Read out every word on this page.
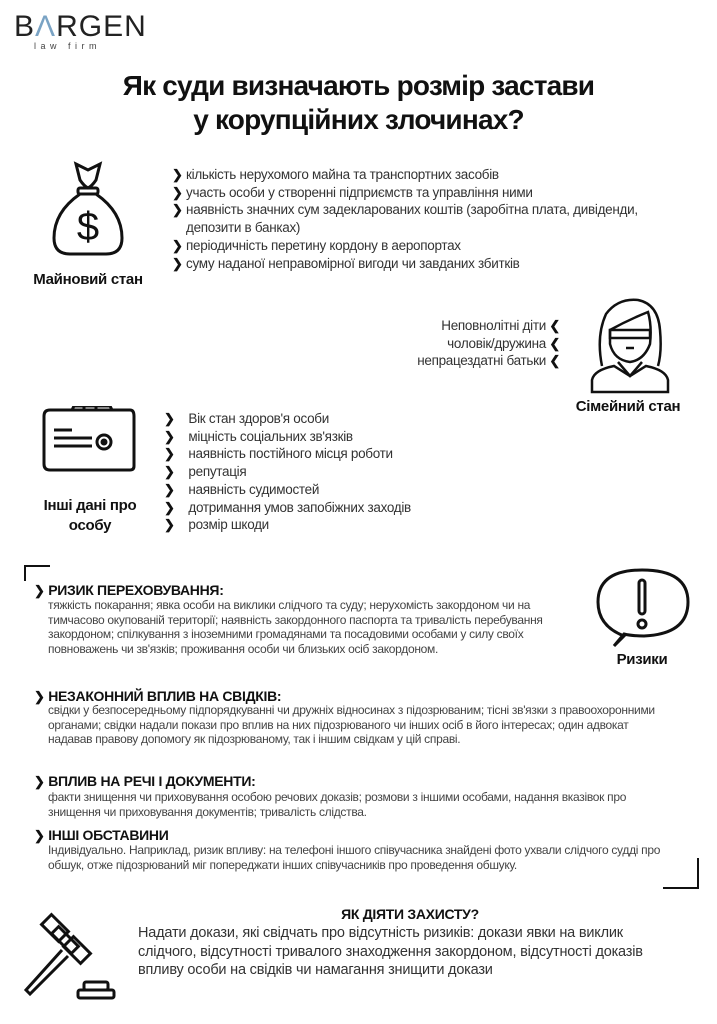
BΛRGEN
law firm
Як суди визначають розмір застави
у корупційних злочинах?
$
Майновий стан
❯ кількість нерухомого майна та транспортних засобів
❯ участь особи у створенні підприємств та управління ними
❯ наявність значних сум задекларованих коштів (заробітна плата, дивіденди, депозити в банках)
❯ періодичність перетину кордону в аеропортах
❯ суму наданої неправомірної вигоди чи завданих збитків
Неповнолітні діти ❮
чоловік/дружина ❮
непрацездатні батьки ❮
Сімейний стан
Інші дані про
особу
❯ Вік стан здоров'я особи
❯ міцність соціальних зв'язків
❯ наявність постійного місця роботи
❯ репутація
❯ наявність судимостей
❯ дотримання умов запобіжних заходів
❯ розмір шкоди
❯ РИЗИК ПЕРЕХОВУВАННЯ:
тяжкість покарання; явка особи на виклики слідчого та суду; нерухомість закордоном чи на тимчасово окупованій території; наявність закордонного паспорта та тривалість перебування закордоном; спілкування з іноземними громадянами та посадовими особами у силу своїх повноважень чи зв'язків; проживання особи чи близьких осіб закордоном.
❯ НЕЗАКОННИЙ ВПЛИВ НА СВІДКІВ:
свідки у безпосередньому підпорядкуванні чи дружніх відносинах з підозрюваним; тісні зв'язки з правоохоронними органами; свідки надали покази про вплив на них підозрюваного чи інших осіб в його інтересах; один адвокат надавав правову допомогу як підозрюваному, так і іншим свідкам у цій справі.
❯ ВПЛИВ НА РЕЧІ І ДОКУМЕНТИ:
факти знищення чи приховування особою речових доказів; розмови з іншими особами, надання вказівок про знищення чи приховування документів; тривалість слідства.
❯ ІНШІ ОБСТАВИНИ
Індивідуально. Наприклад, ризик впливу: на телефоні іншого співучасника знайдені фото ухвали слідчого судді про обшук, отже підозрюваний міг попереджати інших співучасників про проведення обшуку.
Ризики
ЯК ДІЯТИ ЗАХИСТУ?
Надати докази, які свідчать про відсутність ризиків: докази явки на виклик слідчого, відсутності тривалого знаходження закордоном, відсутності доказів впливу особи на свідків чи намагання знищити докази
